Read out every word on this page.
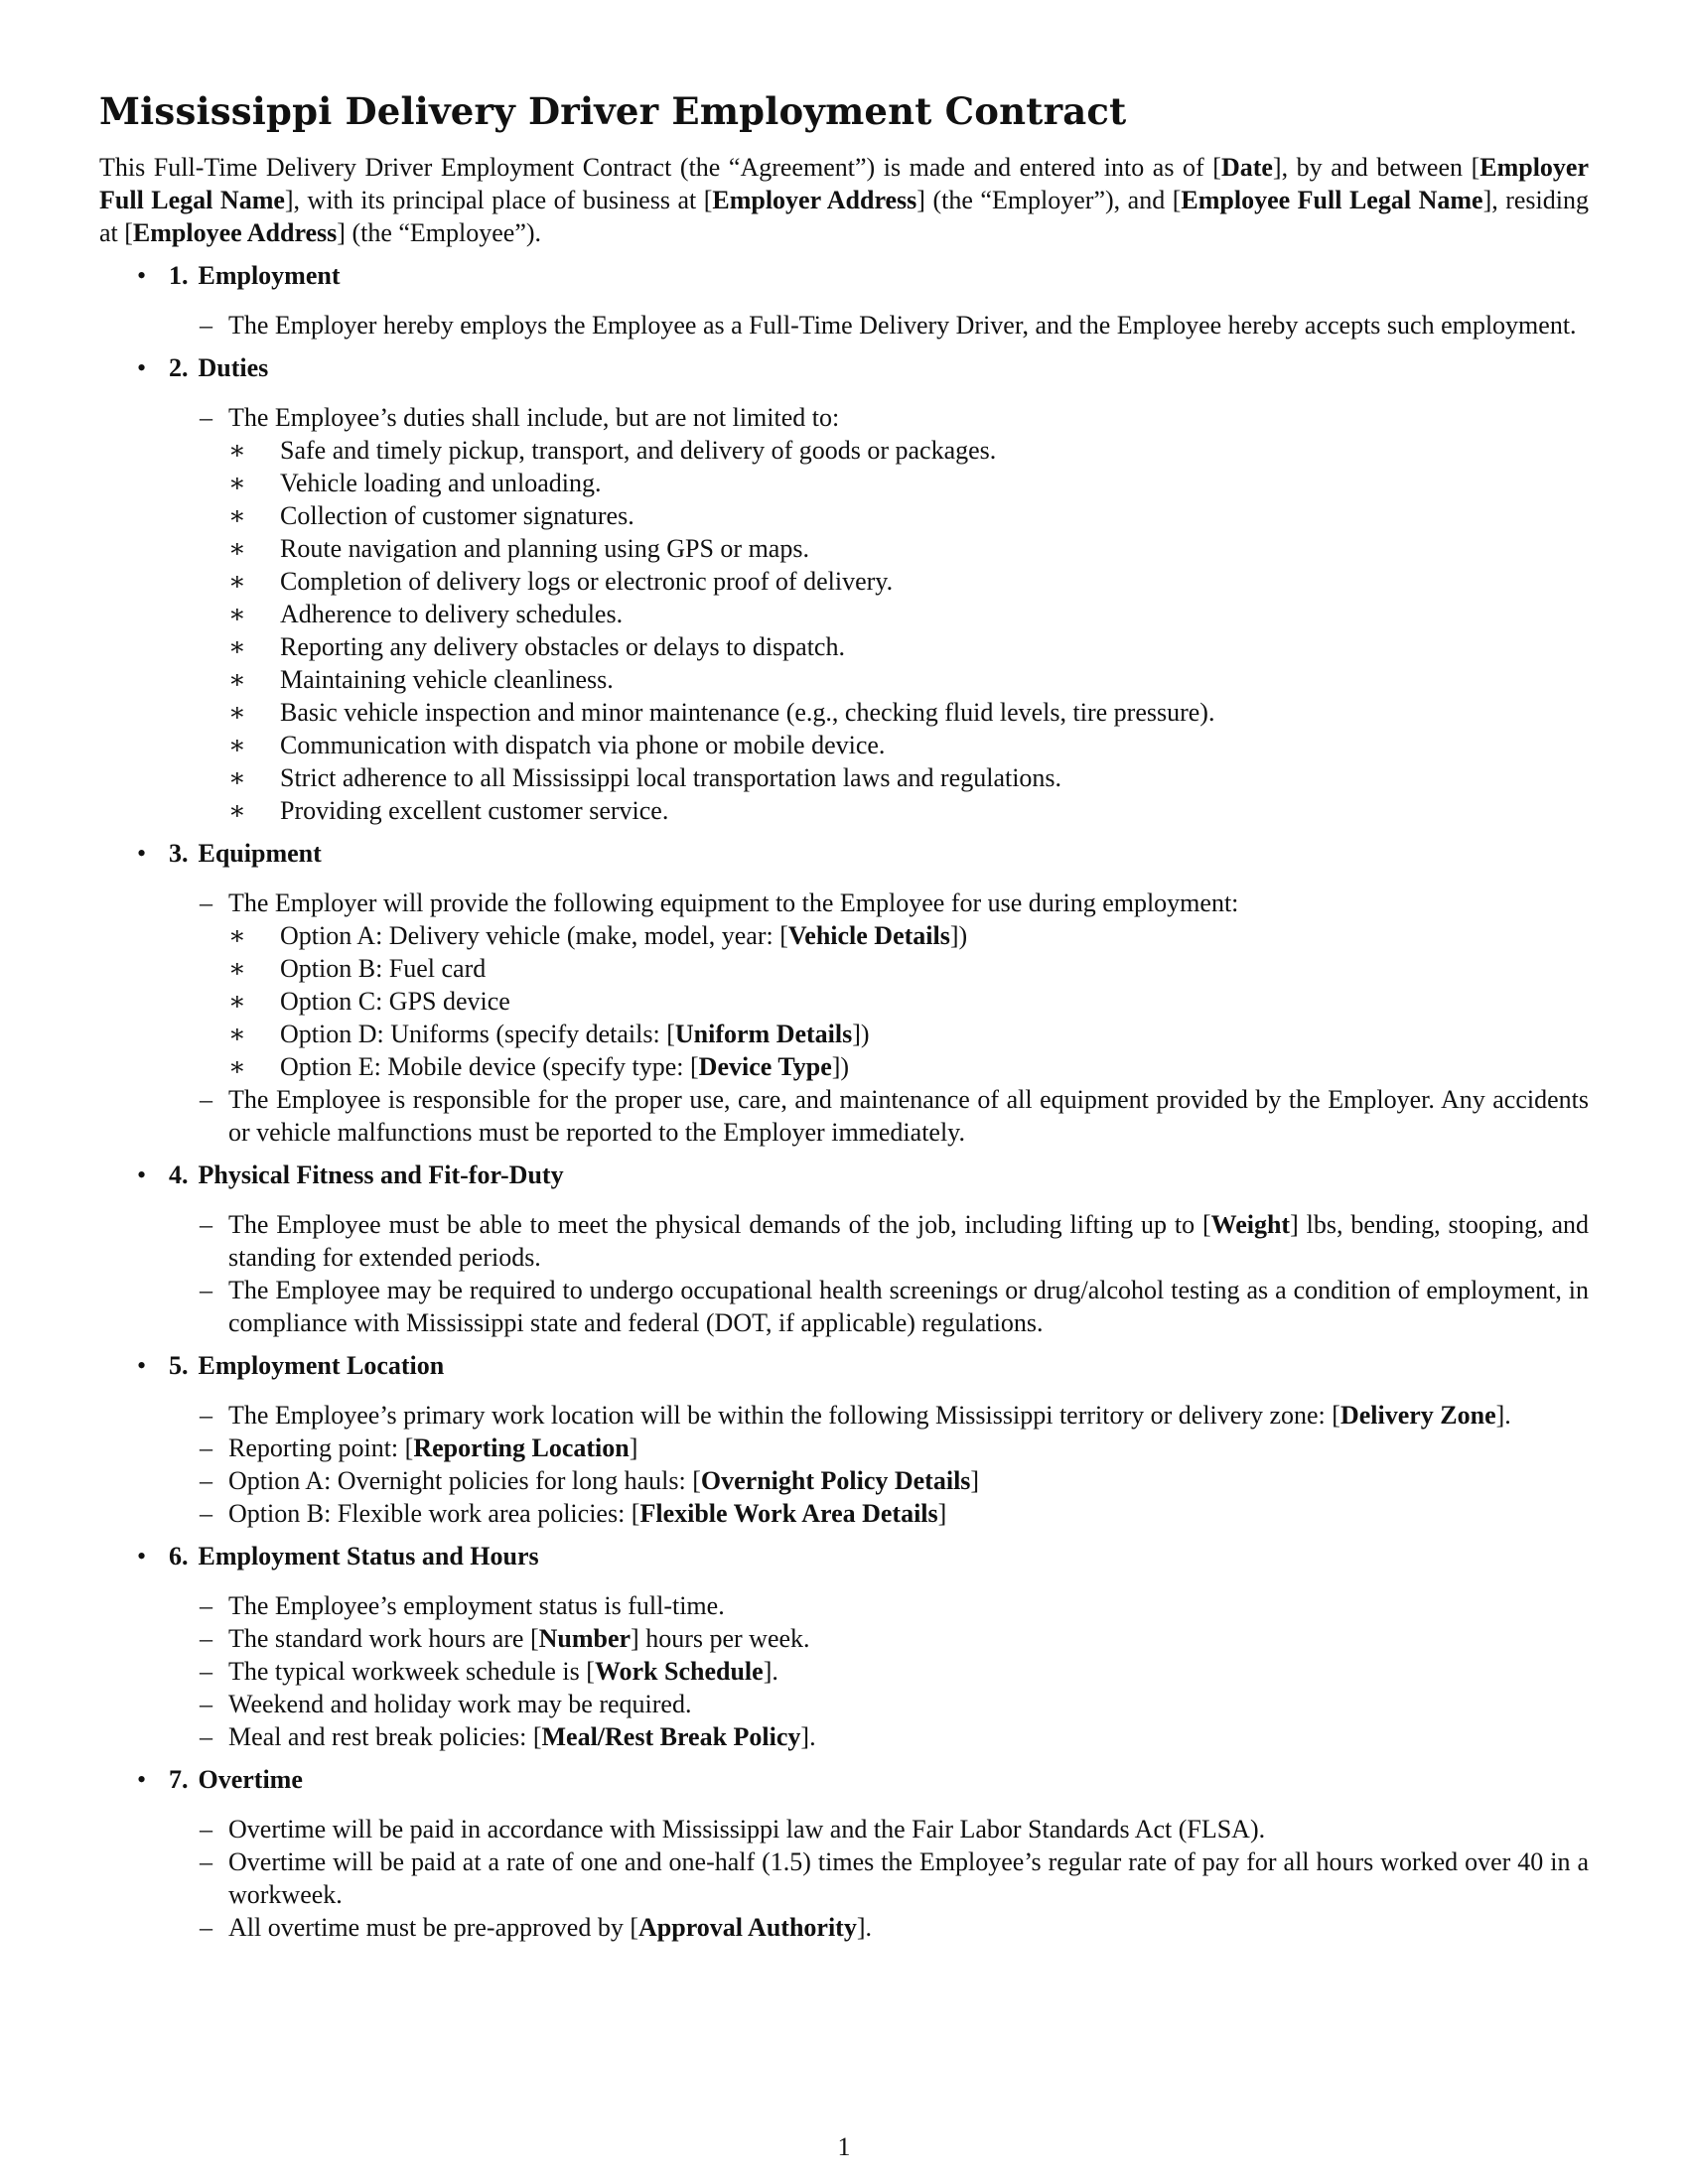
Mississippi Delivery Driver Employment Contract

This Full-Time Delivery Driver Employment Contract (the “Agreement”) is made and entered into as of [Date], by and between [Employer Full Legal Name], with its principal place of business at [Employer Address] (the “Employer”), and [Employee Full Legal Name], residing at [Employee Address] (the “Employee”).

• 1. Employment
– The Employer hereby employs the Employee as a Full-Time Delivery Driver, and the Employee hereby accepts such employment.
• 2. Duties
– The Employee’s duties shall include, but are not limited to:
∗ Safe and timely pickup, transport, and delivery of goods or packages.
∗ Vehicle loading and unloading.
∗ Collection of customer signatures.
∗ Route navigation and planning using GPS or maps.
∗ Completion of delivery logs or electronic proof of delivery.
∗ Adherence to delivery schedules.
∗ Reporting any delivery obstacles or delays to dispatch.
∗ Maintaining vehicle cleanliness.
∗ Basic vehicle inspection and minor maintenance (e.g., checking fluid levels, tire pressure).
∗ Communication with dispatch via phone or mobile device.
∗ Strict adherence to all Mississippi local transportation laws and regulations.
∗ Providing excellent customer service.
• 3. Equipment
– The Employer will provide the following equipment to the Employee for use during employment:
∗ Option A: Delivery vehicle (make, model, year: [Vehicle Details])
∗ Option B: Fuel card
∗ Option C: GPS device
∗ Option D: Uniforms (specify details: [Uniform Details])
∗ Option E: Mobile device (specify type: [Device Type])
– The Employee is responsible for the proper use, care, and maintenance of all equipment provided by the Employer. Any accidents or vehicle malfunctions must be reported to the Employer immediately.
• 4. Physical Fitness and Fit-for-Duty
– The Employee must be able to meet the physical demands of the job, including lifting up to [Weight] lbs, bending, stooping, and standing for extended periods.
– The Employee may be required to undergo occupational health screenings or drug/alcohol testing as a condition of employment, in compliance with Mississippi state and federal (DOT, if applicable) regulations.
• 5. Employment Location
– The Employee’s primary work location will be within the following Mississippi territory or delivery zone: [Delivery Zone].
– Reporting point: [Reporting Location]
– Option A: Overnight policies for long hauls: [Overnight Policy Details]
– Option B: Flexible work area policies: [Flexible Work Area Details]
• 6. Employment Status and Hours
– The Employee’s employment status is full-time.
– The standard work hours are [Number] hours per week.
– The typical workweek schedule is [Work Schedule].
– Weekend and holiday work may be required.
– Meal and rest break policies: [Meal/Rest Break Policy].
• 7. Overtime
– Overtime will be paid in accordance with Mississippi law and the Fair Labor Standards Act (FLSA).
– Overtime will be paid at a rate of one and one-half (1.5) times the Employee’s regular rate of pay for all hours worked over 40 in a workweek.
– All overtime must be pre-approved by [Approval Authority].
1
